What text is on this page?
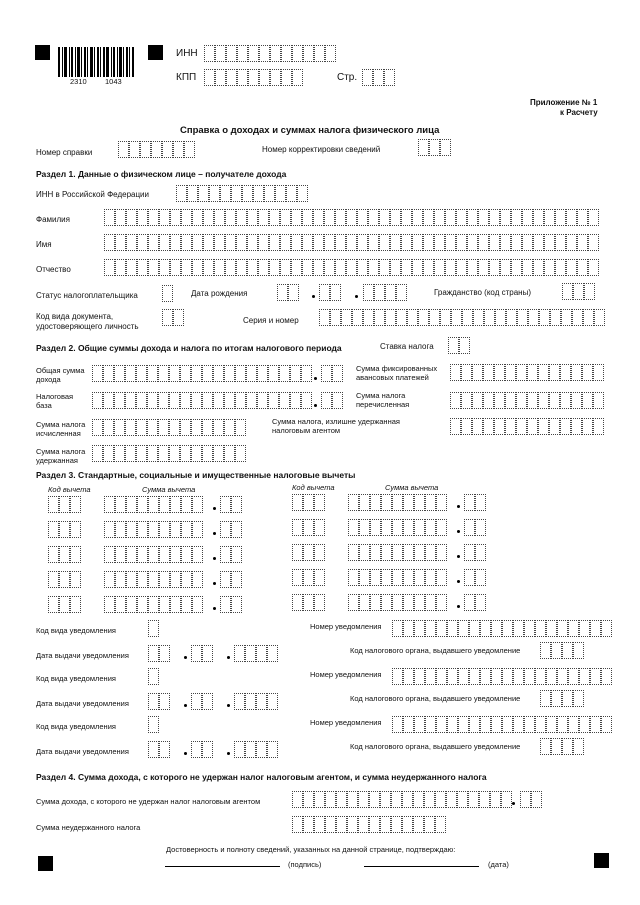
2310 1043
ИНН
КПП	Стр.
Приложение № 1
к Расчету
Справка о доходах и суммах налога физического лица
Номер справки	Номер корректировки сведений
Раздел 1. Данные о физическом лице – получателе дохода
ИНН в Российской Федерации
Фамилия
Имя
Отчество
Статус налогоплательщика	Дата рождения	Гражданство (код страны)
Код вида документа,
удостоверяющего личность
Серия и номер
Раздел 2. Общие суммы дохода и налога по итогам налогового периода	Ставка налога
Общая сумма
дохода
Сумма фиксированных
авансовых платежей
Налоговая
база
Сумма налога
перечисленная
Сумма налога
исчисленная
Сумма налога, излишне удержанная
налоговым агентом
Сумма налога
удержанная
Раздел 3. Стандартные, социальные и имущественные налоговые вычеты
Код вычета	Сумма вычета	Код вычета	Сумма вычета
Код вида уведомления	Номер уведомления
Дата выдачи уведомления
Код налогового органа, выдавшего уведомление
Код вида уведомления	Номер уведомления
Дата выдачи уведомления
Код налогового органа, выдавшего уведомление
Код вида уведомления	Номер уведомления
Дата выдачи уведомления
Код налогового органа, выдавшего уведомление
Раздел 4. Сумма дохода, с которого не удержан налог налоговым агентом, и сумма неудержанного налога
Сумма дохода, с которого не удержан налог налоговым агентом
Сумма неудержанного налога
Достоверность и полноту сведений, указанных на данной странице, подтверждаю:
(подпись)	(дата)
